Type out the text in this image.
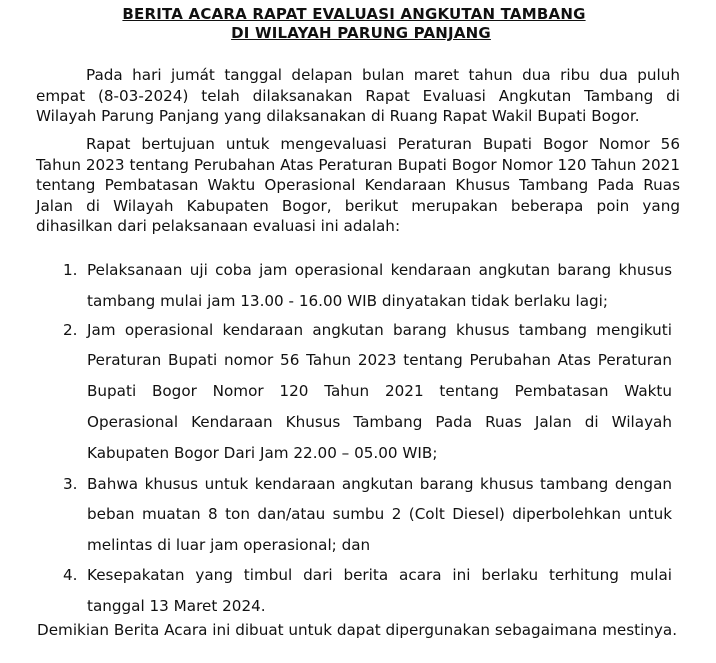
BERITA ACARA RAPAT EVALUASI ANGKUTAN TAMBANG
DI WILAYAH PARUNG PANJANG
Pada hari jumát tanggal delapan bulan maret tahun dua ribu dua puluh empat (8-03-2024) telah dilaksanakan Rapat Evaluasi Angkutan Tambang di Wilayah Parung Panjang yang dilaksanakan di Ruang Rapat Wakil Bupati Bogor.
Rapat bertujuan untuk mengevaluasi Peraturan Bupati Bogor Nomor 56 Tahun 2023 tentang Perubahan Atas Peraturan Bupati Bogor Nomor 120 Tahun 2021 tentang Pembatasan Waktu Operasional Kendaraan Khusus Tambang Pada Ruas Jalan di Wilayah Kabupaten Bogor, berikut merupakan beberapa poin yang dihasilkan dari pelaksanaan evaluasi ini adalah:
1. Pelaksanaan uji coba jam operasional kendaraan angkutan barang khusus tambang mulai jam 13.00 - 16.00 WIB dinyatakan tidak berlaku lagi;
2. Jam operasional kendaraan angkutan barang khusus tambang mengikuti Peraturan Bupati nomor 56 Tahun 2023 tentang Perubahan Atas Peraturan Bupati Bogor Nomor 120 Tahun 2021 tentang Pembatasan Waktu Operasional Kendaraan Khusus Tambang Pada Ruas Jalan di Wilayah Kabupaten Bogor Dari Jam 22.00 – 05.00 WIB;
3. Bahwa khusus untuk kendaraan angkutan barang khusus tambang dengan beban muatan 8 ton dan/atau sumbu 2 (Colt Diesel) diperbolehkan untuk melintas di luar jam operasional; dan
4. Kesepakatan yang timbul dari berita acara ini berlaku terhitung mulai tanggal 13 Maret 2024.
Demikian Berita Acara ini dibuat untuk dapat dipergunakan sebagaimana mestinya.
